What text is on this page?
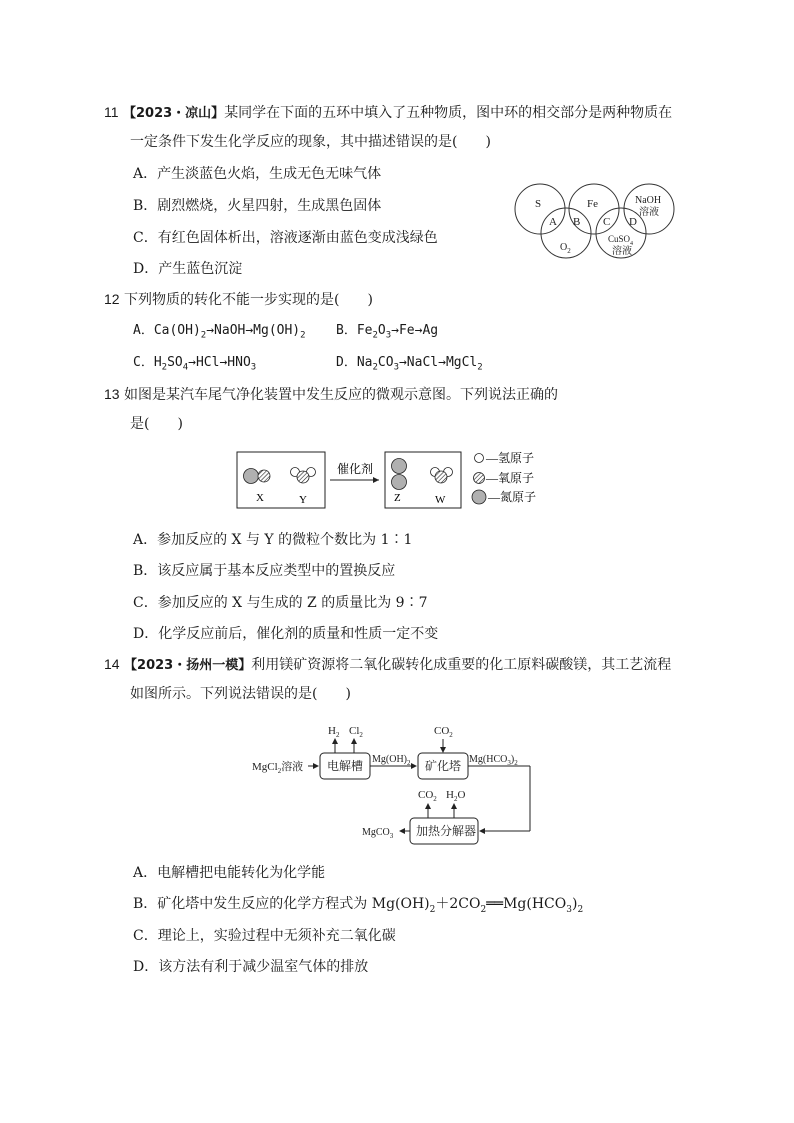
11 【2023・凉山】某同学在下面的五环中填入了五种物质，图中环的相交部分是两种物质在
一定条件下发生化学反应的现象，其中描述错误的是(　　)
A．产生淡蓝色火焰，生成无色无味气体
B．剧烈燃烧，火星四射，生成黑色固体
C．有红色固体析出，溶液逐渐由蓝色变成浅绿色
D．产生蓝色沉淀
S	Fe	NaOH
溶液
A B C D
$O_2$
CuSO$_4$
溶液
12 下列物质的转化不能一步实现的是(　　)
A．$Ca(OH)_2\to NaOH\to Mg(OH)_2$ B．$Fe_2O_3\to Fe\to Ag$
C．$H_2SO_4\to HCl\to HNO_3$	D．$Na_2CO_3\to NaCl\to MgCl_2$
13 如图是某汽车尾气净化装置中发生反应的微观示意图。下列说法正确的
是(　　)
X	Y
催化剂
Z	W
—氢原子
—氧原子
—氮原子
A．参加反应的 X 与 Y 的微粒个数比为 1∶1
B．该反应属于基本反应类型中的置换反应
C．参加反应的 X 与生成的 Z 的质量比为 9∶7
D．化学反应前后，催化剂的质量和性质一定不变
14 【2023・扬州一模】利用镁矿资源将二氧化碳转化成重要的化工原料碳酸镁，其工艺流程
如图所示。下列说法错误的是(　　)
MgCl$_2$溶液 电解槽
$H_2$ $Cl_2$
$Mg(OH)_2$ 矿化塔
$CO_2$
$Mg(HCO_3)_2$
加热分解器
$CO_2$ $H_2O$
MgCO$_3$
A．电解槽把电能转化为化学能
B．矿化塔中发生反应的化学方程式为 $Mg(OH)_2+2CO_2══Mg(HCO_3)_2$
C．理论上，实验过程中无须补充二氧化碳
D．该方法有利于减少温室气体的排放
